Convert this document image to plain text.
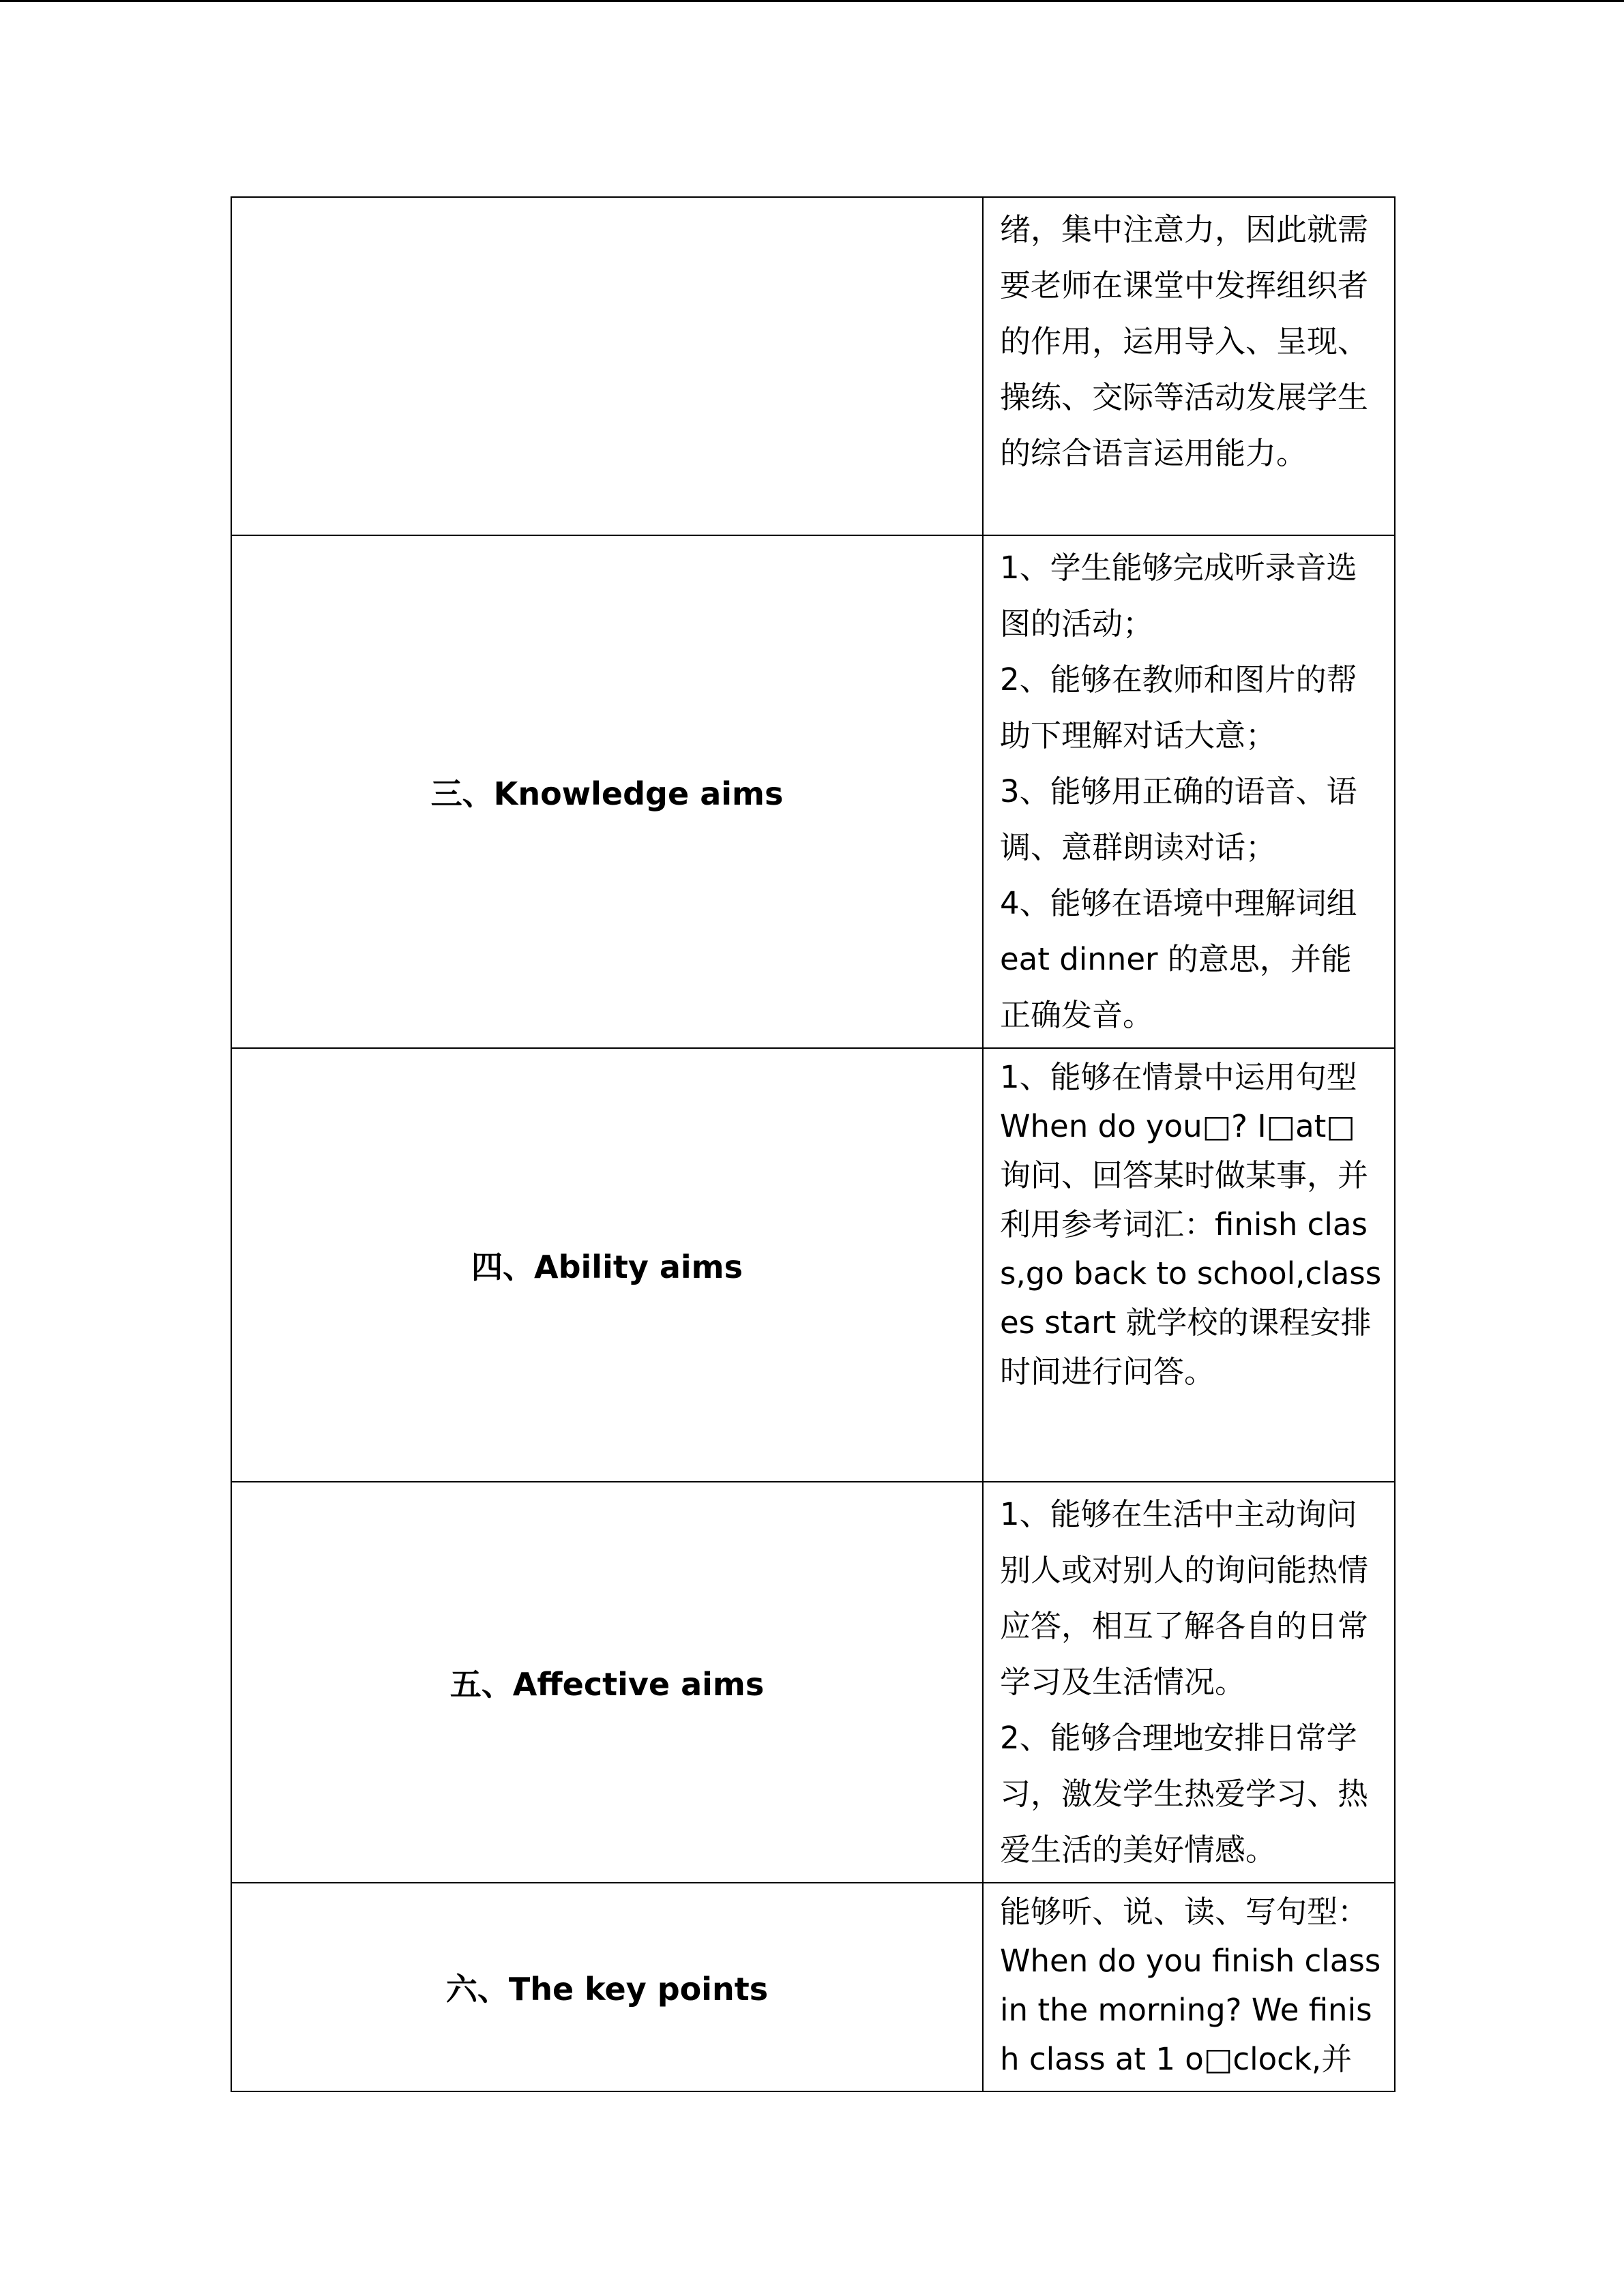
	绪，集中注意力，因此就需要老师在课堂中发挥组织者的作用，运用导入、呈现、操练、交际等活动发展学生的综合语言运用能力。

三、Knowledge aims	1、学生能够完成听录音选图的活动；
2、能够在教师和图片的帮助下理解对话大意；
3、能够用正确的语音、语调、意群朗读对话；
4、能够在语境中理解词组 eat dinner 的意思，并能正确发音。

四、Ability aims	1、能够在情景中运用句型 When do you□? I□at□询问、回答某时做某事，并利用参考词汇：finish class,go back to school,classes start 就学校的课程安排时间进行问答。

五、Affective aims	1、能够在生活中主动询问别人或对别人的询问能热情应答，相互了解各自的日常学习及生活情况。
2、能够合理地安排日常学习，激发学生热爱学习、热爱生活的美好情感。

六、The key points	能够听、说、读、写句型：When do you finish class in the morning? We finish class at 1 o□clock,并
